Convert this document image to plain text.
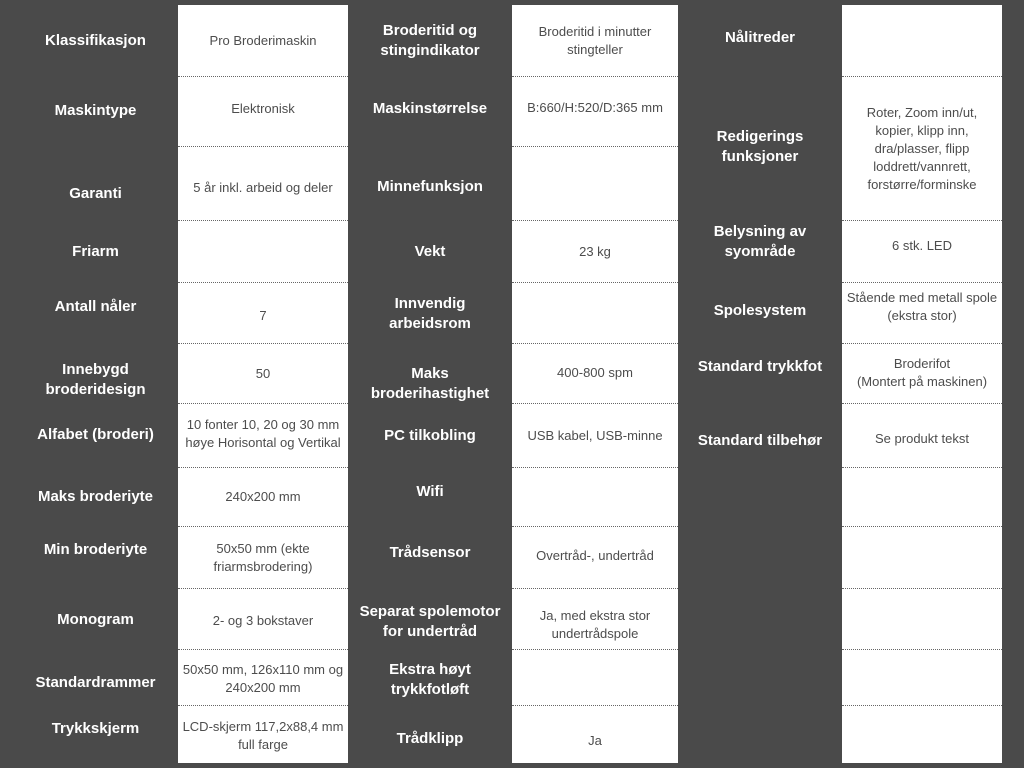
Klassifikasjon
Maskintype
Garanti
Friarm
Antall nåler
Innebygd broderidesign
Alfabet (broderi)
Maks broderiyte
Min broderiyte
Monogram
Standardrammer
Trykkskjerm
Pro Broderimaskin
Elektronisk
5 år inkl. arbeid og deler
7
50
10 fonter 10, 20 og 30 mm høye Horisontal og Vertikal
240x200 mm
50x50 mm (ekte friarmsbrodering)
2- og 3 bokstaver
50x50 mm, 126x110 mm og 240x200 mm
LCD-skjerm 117,2x88,4 mm full farge
Broderitid og stingindikator
Maskinstørrelse
Minnefunksjon
Vekt
Innvendig arbeidsrom
Maks broderihastighet
PC tilkobling
Wifi
Trådsensor
Separat spolemotor for undertråd
Ekstra høyt trykkfotløft
Trådklipp
Broderitid i minutter stingteller
B:660/H:520/D:365 mm
23 kg
400-800 spm
USB kabel, USB-minne
Overtråd-, undertråd
Ja, med ekstra stor undertrådspole
Ja
Nålitreder
Redigerings funksjoner
Belysning av syområde
Spolesystem
Standard trykkfot
Standard tilbehør
Roter, Zoom inn/ut, kopier, klipp inn, dra/plasser, flipp loddrett/vannrett, forstørre/forminske
6 stk. LED
Stående med metall spole (ekstra stor)
Broderifot
(Montert på maskinen)
Se produkt tekst
